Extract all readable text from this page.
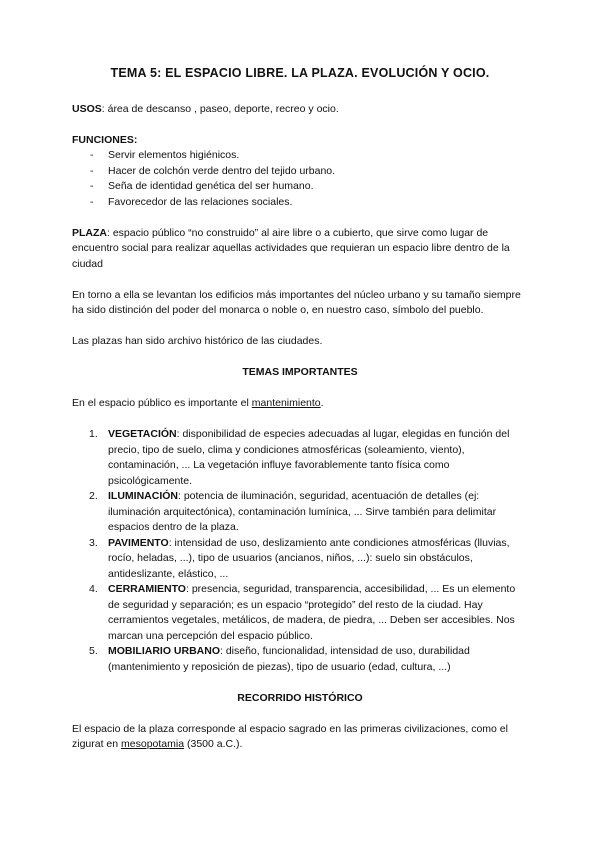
TEMA 5: EL ESPACIO LIBRE. LA PLAZA. EVOLUCIÓN Y OCIO.

USOS: área de descanso , paseo, deporte, recreo y ocio.

FUNCIONES:

- Servir elementos higiénicos.
- Hacer de colchón verde dentro del tejido urbano.
- Seña de identidad genética del ser humano.
- Favorecedor de las relaciones sociales.

PLAZA: espacio público “no construido” al aire libre o a cubierto, que sirve como lugar de encuentro social para realizar aquellas actividades que requieran un espacio libre dentro de la ciudad

En torno a ella se levantan los edificios más importantes del núcleo urbano y su tamaño siempre ha sido distinción del poder del monarca o noble o, en nuestro caso, símbolo del pueblo.

Las plazas han sido archivo histórico de las ciudades.

TEMAS IMPORTANTES

En el espacio público es importante el mantenimiento.

1. VEGETACIÓN: disponibilidad de especies adecuadas al lugar, elegidas en función del precio, tipo de suelo, clima y condiciones atmosféricas (soleamiento, viento), contaminación, ... La vegetación influye favorablemente tanto física como psicológicamente.
2. ILUMINACIÓN: potencia de iluminación, seguridad, acentuación de detalles (ej: iluminación arquitectónica), contaminación lumínica, ... Sirve también para delimitar espacios dentro de la plaza.
3. PAVIMENTO: intensidad de uso, deslizamiento ante condiciones atmosféricas (lluvias, rocío, heladas, ...), tipo de usuarios (ancianos, niños, ...): suelo sin obstáculos, antideslizante, elástico, ...
4. CERRAMIENTO: presencia, seguridad, transparencia, accesibilidad, ... Es un elemento de seguridad y separación; es un espacio “protegido” del resto de la ciudad. Hay cerramientos vegetales, metálicos, de madera, de piedra, ... Deben ser accesibles. Nos marcan una percepción del espacio público.
5. MOBILIARIO URBANO: diseño, funcionalidad, intensidad de uso, durabilidad (mantenimiento y reposición de piezas), tipo de usuario (edad, cultura, ...)

RECORRIDO HISTÓRICO

El espacio de la plaza corresponde al espacio sagrado en las primeras civilizaciones, como el zigurat en mesopotamia (3500 a.C.).
